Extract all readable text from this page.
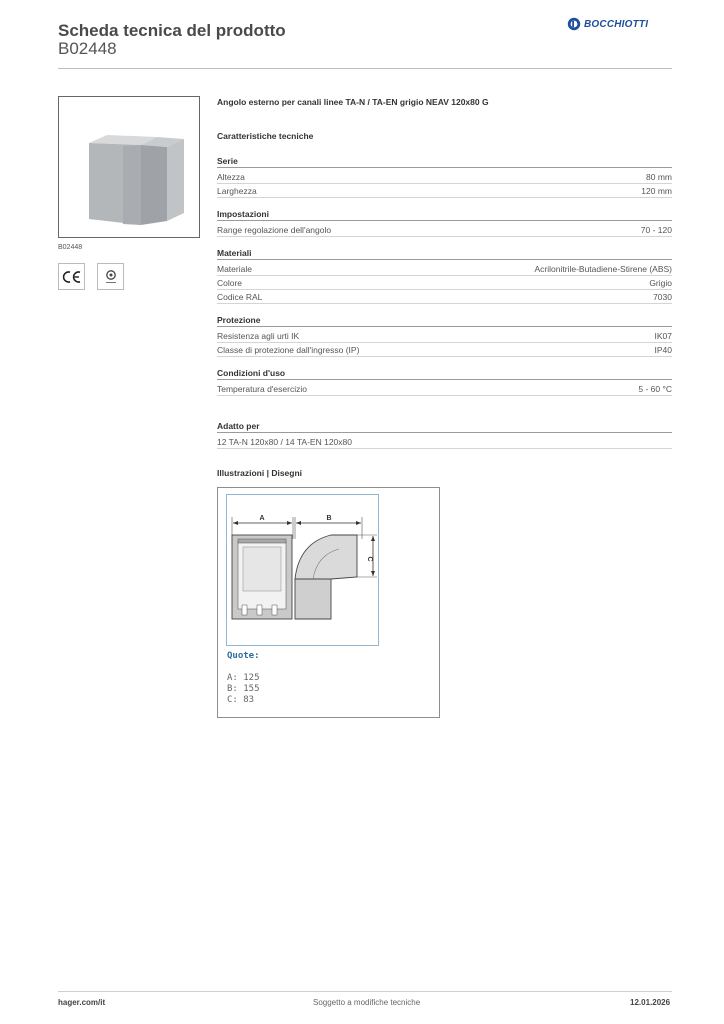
Scheda tecnica del prodotto
B02448
BOCCHIOTTI
B02448
Angolo esterno per canali linee TA-N / TA-EN grigio NEAV 120x80 G
Caratteristiche tecniche
Serie
Altezza	80 mm
Larghezza	120 mm
Impostazioni
Range regolazione dell'angolo	70 - 120
Materiali
Materiale	Acrilonitrile-Butadiene-Stirene (ABS)
Colore	Grigio
Codice RAL	7030
Protezione
Resistenza agli urti IK	IK07
Classe di protezione dall'ingresso (IP)	IP40
Condizioni d'uso
Temperatura d'esercizio	5 - 60 °C
Adatto per
12 TA-N 120x80 / 14 TA-EN 120x80
Illustrazioni | Disegni
A	B
C
Quote:
A: 125
B: 155
C: 83
hager.com/it	Soggetto a modifiche tecniche	12.01.2026
